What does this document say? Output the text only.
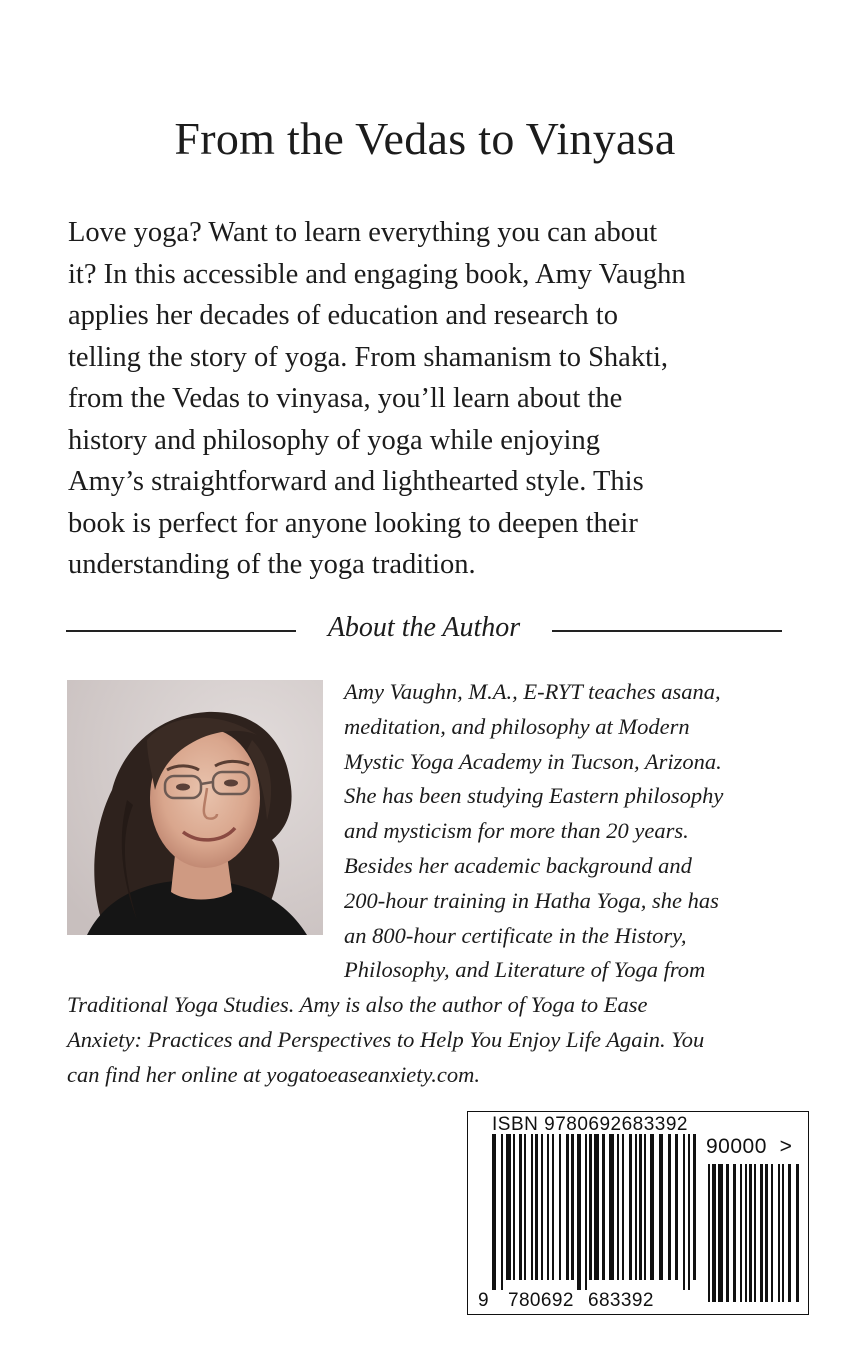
From the Vedas to Vinyasa

Love yoga? Want to learn everything you can about
it? In this accessible and engaging book, Amy Vaughn
applies her decades of education and research to
telling the story of yoga. From shamanism to Shakti,
from the Vedas to vinyasa, you’ll learn about the
history and philosophy of yoga while enjoying
Amy’s straightforward and lighthearted style. This
book is perfect for anyone looking to deepen their
understanding of the yoga tradition.

About the Author
Amy Vaughn, M.A., E-RYT teaches asana,
meditation, and philosophy at Modern
Mystic Yoga Academy in Tucson, Arizona.
She has been studying Eastern philosophy
and mysticism for more than 20 years.
Besides her academic background and
200-hour training in Hatha Yoga, she has
an 800-hour certificate in the History,
Philosophy, and Literature of Yoga from
Traditional Yoga Studies. Amy is also the author of Yoga to Ease
Anxiety: Practices and Perspectives to Help You Enjoy Life Again. You
can find her online at yogatoeaseanxiety.com.
ISBN 9780692683392
90000 >
9 780692 683392
